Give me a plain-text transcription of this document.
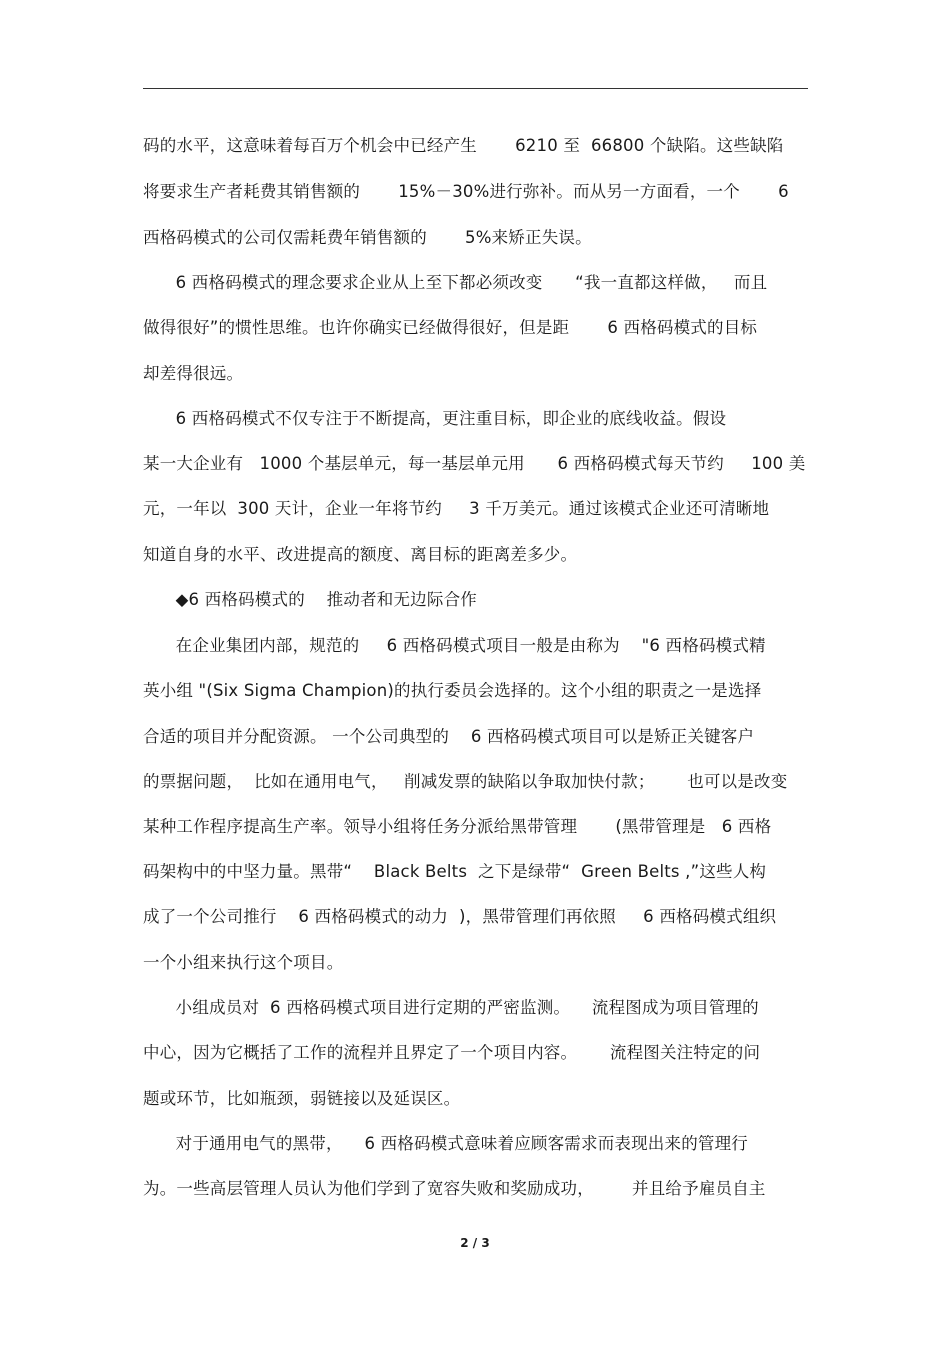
码的水平，这意味着每百万个机会中已经产生       6210 至  66800 个缺陷。这些缺陷
将要求生产者耗费其销售额的       15%－30%进行弥补。而从另一方面看，一个       6
西格码模式的公司仅需耗费年销售额的       5%来矫正失误。
6 西格码模式的理念要求企业从上至下都必须改变      “我一直都这样做，   而且
做得很好”的惯性思维。也许你确实已经做得很好，但是距       6 西格码模式的目标
却差得很远。
6 西格码模式不仅专注于不断提高，更注重目标，即企业的底线收益。假设
某一大企业有   1000 个基层单元，每一基层单元用      6 西格码模式每天节约     100 美
元，一年以  300 天计，企业一年将节约     3 千万美元。通过该模式企业还可清晰地
知道自身的水平、改进提高的额度、离目标的距离差多少。
◆6 西格码模式的    推动者和无边际合作
在企业集团内部，规范的     6 西格码模式项目一般是由称为    "6 西格码模式精
英小组 "(Six Sigma Champion)的执行委员会选择的。这个小组的职责之一是选择
合适的项目并分配资源。 一个公司典型的    6 西格码模式项目可以是矫正关键客户
的票据问题，  比如在通用电气，   削减发票的缺陷以争取加快付款；      也可以是改变
某种工作程序提高生产率。领导小组将任务分派给黑带管理       (黑带管理是   6 西格
码架构中的中坚力量。黑带“    Black Belts  之下是绿带“  Green Belts ,”这些人构
成了一个公司推行    6 西格码模式的动力  )，黑带管理们再依照     6 西格码模式组织
一个小组来执行这个项目。
小组成员对  6 西格码模式项目进行定期的严密监测。    流程图成为项目管理的
中心，因为它概括了工作的流程并且界定了一个项目内容。      流程图关注特定的问
题或环节，比如瓶颈，弱链接以及延误区。
对于通用电气的黑带，    6 西格码模式意味着应顾客需求而表现出来的管理行
为。一些高层管理人员认为他们学到了宽容失败和奖励成功，       并且给予雇员自主
2 / 3
